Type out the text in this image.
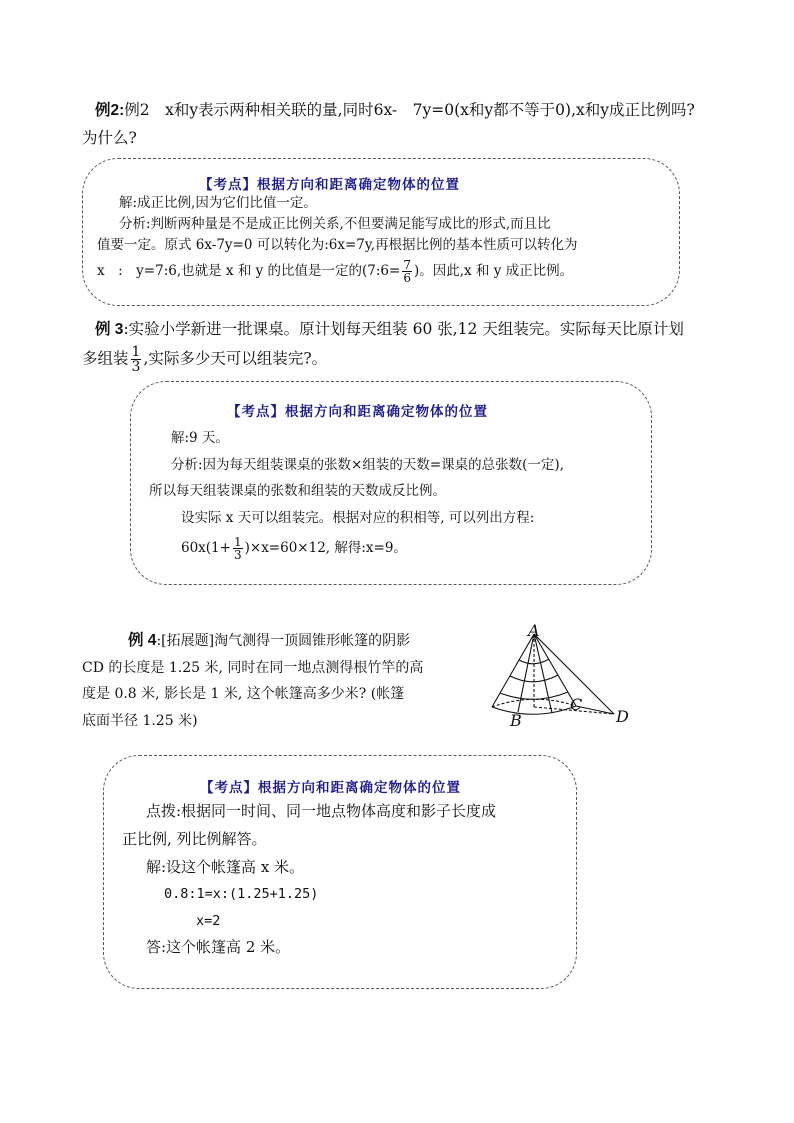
例2:例2　x和y表示两种相关联的量,同时6x-　7y=0(x和y都不等于0),x和y成正比例吗?
为什么?
【考点】根据方向和距离确定物体的位置
解:成正比例,因为它们比值一定。
分析:判断两种量是不是成正比例关系,不但要满足能写成比的形式,而且比
值要一定。原式 6x-7y=0 可以转化为:6x=7y,再根据比例的基本性质可以转化为
x　:　y=7:6,也就是 x 和 y 的比值是一定的(7:6= $\frac{7}{6}$ )。因此,x 和 y 成正比例。
例 3:实验小学新进一批课桌。原计划每天组装 60 张,12 天组装完。实际每天比原计划
多组装 $\frac{1}{3}$ ,实际多少天可以组装完?。
【考点】根据方向和距离确定物体的位置
解:9 天。
分析:因为每天组装课桌的张数×组装的天数=课桌的总张数(一定),
所以每天组装课桌的张数和组装的天数成反比例。
设实际 x 天可以组装完。根据对应的积相等, 可以列出方程:
$60x(1+ \frac{1}{3} )\times x=60\times 12$, 解得:x=9。
例 4:[拓展题]淘气测得一顶圆锥形帐篷的阴影
CD 的长度是 1.25 米, 同时在同一地点测得根竹竿的高
度是 0.8 米, 影长是 1 米, 这个帐篷高多少米? (帐篷
底面半径 1.25 米)
A
B
C
D
【考点】根据方向和距离确定物体的位置
点拨:根据同一时间、同一地点物体高度和影子长度成
正比例, 列比例解答。
解:设这个帐篷高 x 米。
0.8:1=x:(1.25+1.25)
x=2
答:这个帐篷高 2 米。
